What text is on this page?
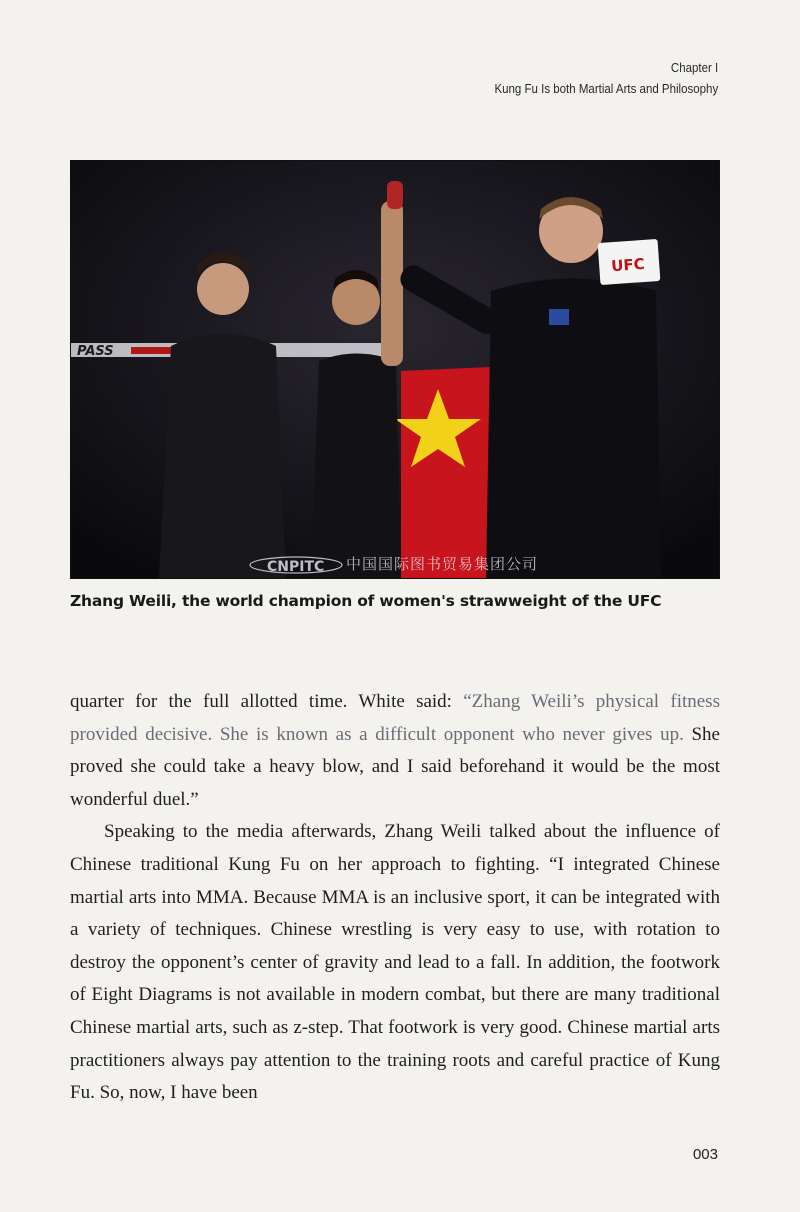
Chapter I
Kung Fu Is both Martial Arts and Philosophy
PASS
UFC
CNPITC 中国国际图书贸易集团公司
Zhang Weili, the world champion of women's strawweight of the UFC

quarter for the full allotted time. White said: “Zhang Weili’s physical fitness provided decisive. She is known as a difficult opponent who never gives up. She proved she could take a heavy blow, and I said beforehand it would be the most wonderful duel.”

Speaking to the media afterwards, Zhang Weili talked about the influence of Chinese traditional Kung Fu on her approach to fighting. “I integrated Chinese martial arts into MMA. Because MMA is an inclusive sport, it can be integrated with a variety of techniques. Chinese wrestling is very easy to use, with rotation to destroy the opponent’s center of gravity and lead to a fall. In addition, the footwork of Eight Diagrams is not available in modern combat, but there are many traditional Chinese martial arts, such as z-step. That footwork is very good. Chinese martial arts practitioners always pay attention to the training roots and careful practice of Kung Fu. So, now, I have been

003
